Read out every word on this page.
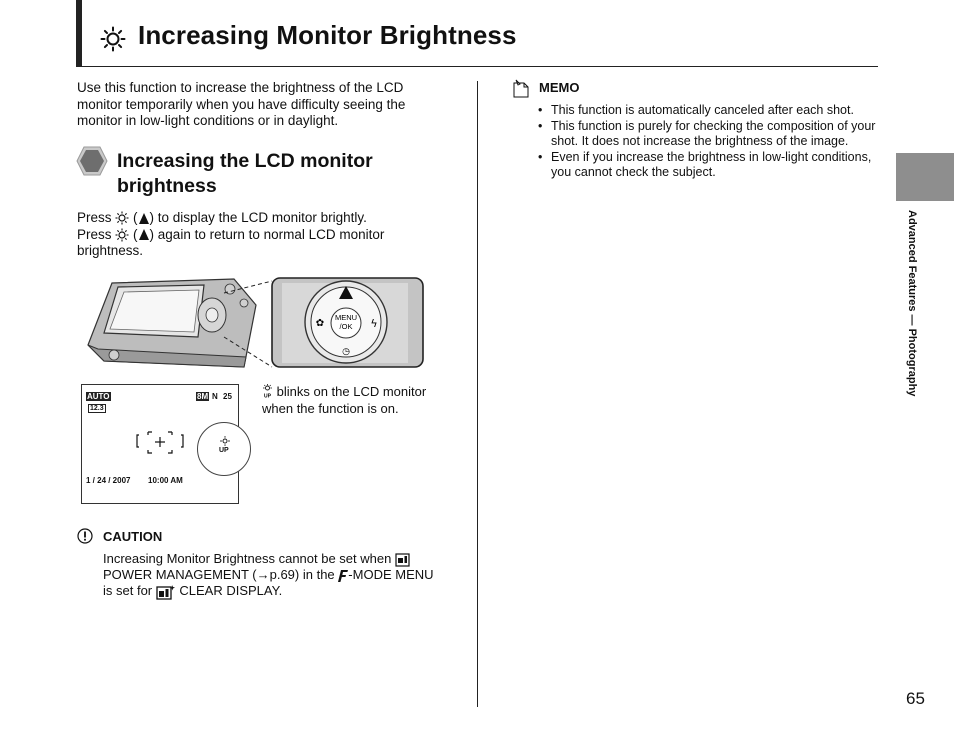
Increasing Monitor Brightness
Use this function to increase the brightness of the LCD monitor temporarily when you have difficulty seeing the monitor in low-light conditions or in daylight.
Increasing the LCD monitor brightness
Press ( ) to display the LCD monitor brightly.
Press ( ) again to return to normal LCD monitor brightness.
MENU
/OK
✿	ϟ
◷
AUTO
12.3
8M N 25
1 / 24 / 2007 10:00 AM
UP
UP blinks on the LCD monitor when the function is on.
CAUTION
Increasing Monitor Brightness cannot be set when
POWER MANAGEMENT (→p.69) in the -MODE MENU is set for CLEAR DISPLAY.
MEMO
• This function is automatically canceled after each shot.
• This function is purely for checking the composition of your shot. It does not increase the brightness of the image.
• Even if you increase the brightness in low-light conditions, you cannot check the subject.
Advanced Features — Photography
65
